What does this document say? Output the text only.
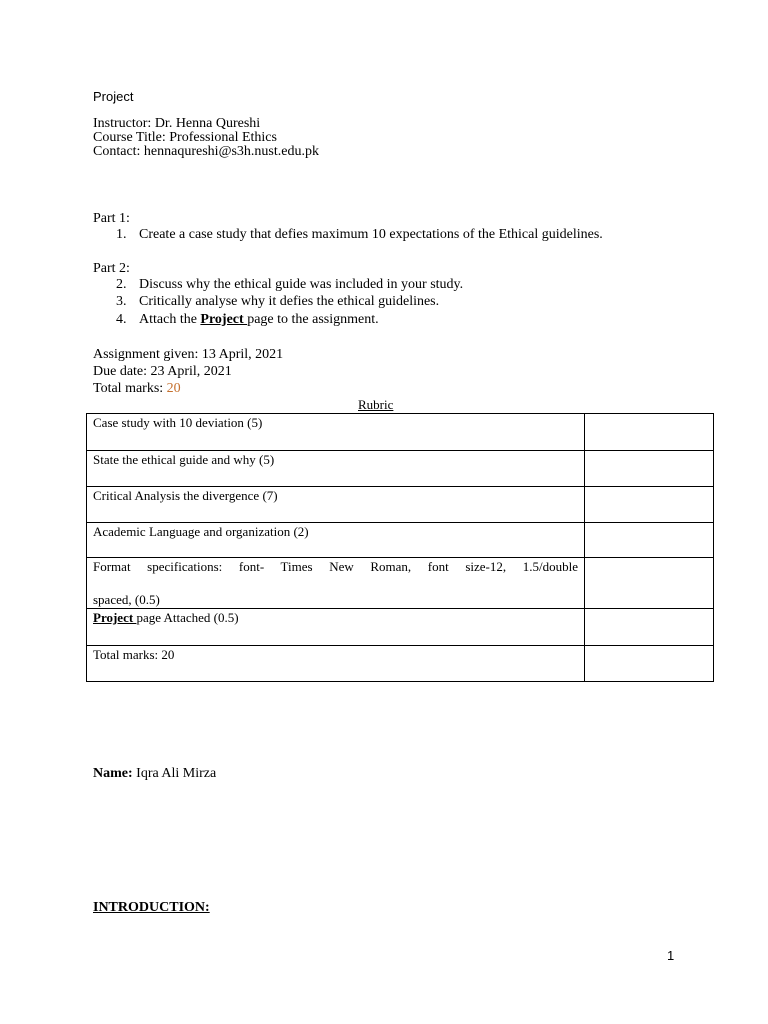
Project
Instructor: Dr. Henna Qureshi
Course Title: Professional Ethics
Contact: hennaqureshi@s3h.nust.edu.pk
Part 1:
1. Create a case study that defies maximum 10 expectations of the Ethical guidelines.
Part 2:
2. Discuss why the ethical guide was included in your study.
3. Critically analyse why it defies the ethical guidelines.
4. Attach the Project page to the assignment.
Assignment given: 13 April, 2021
Due date: 23 April, 2021
Total marks: 20
Rubric
Case study with 10 deviation (5)	
State the ethical guide and why (5)	
Critical Analysis the divergence (7)	
Academic Language and organization (2)	

Format specifications: font- Times New Roman, font size-12, 1.5/double
spaced, (0.5)	

Project page Attached (0.5)	
Total marks: 20	
Name: Iqra Ali Mirza
INTRODUCTION:
1
